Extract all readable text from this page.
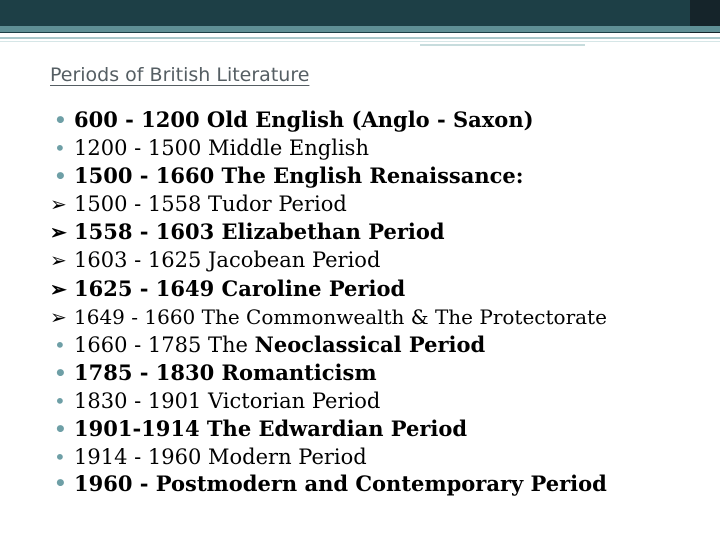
Periods of British Literature
• 600 - 1200 Old English (Anglo - Saxon)
• 1200 - 1500 Middle English
• 1500 - 1660 The English Renaissance:
➢ 1500 - 1558 Tudor Period
➢ 1558 - 1603 Elizabethan Period
➢ 1603 - 1625 Jacobean Period
➢ 1625 - 1649 Caroline Period
➢ 1649 - 1660 The Commonwealth & The Protectorate
• 1660 - 1785 The Neoclassical Period
• 1785 - 1830 Romanticism
• 1830 - 1901 Victorian Period
• 1901-1914 The Edwardian Period
• 1914 - 1960 Modern Period
• 1960 - Postmodern and Contemporary Period
